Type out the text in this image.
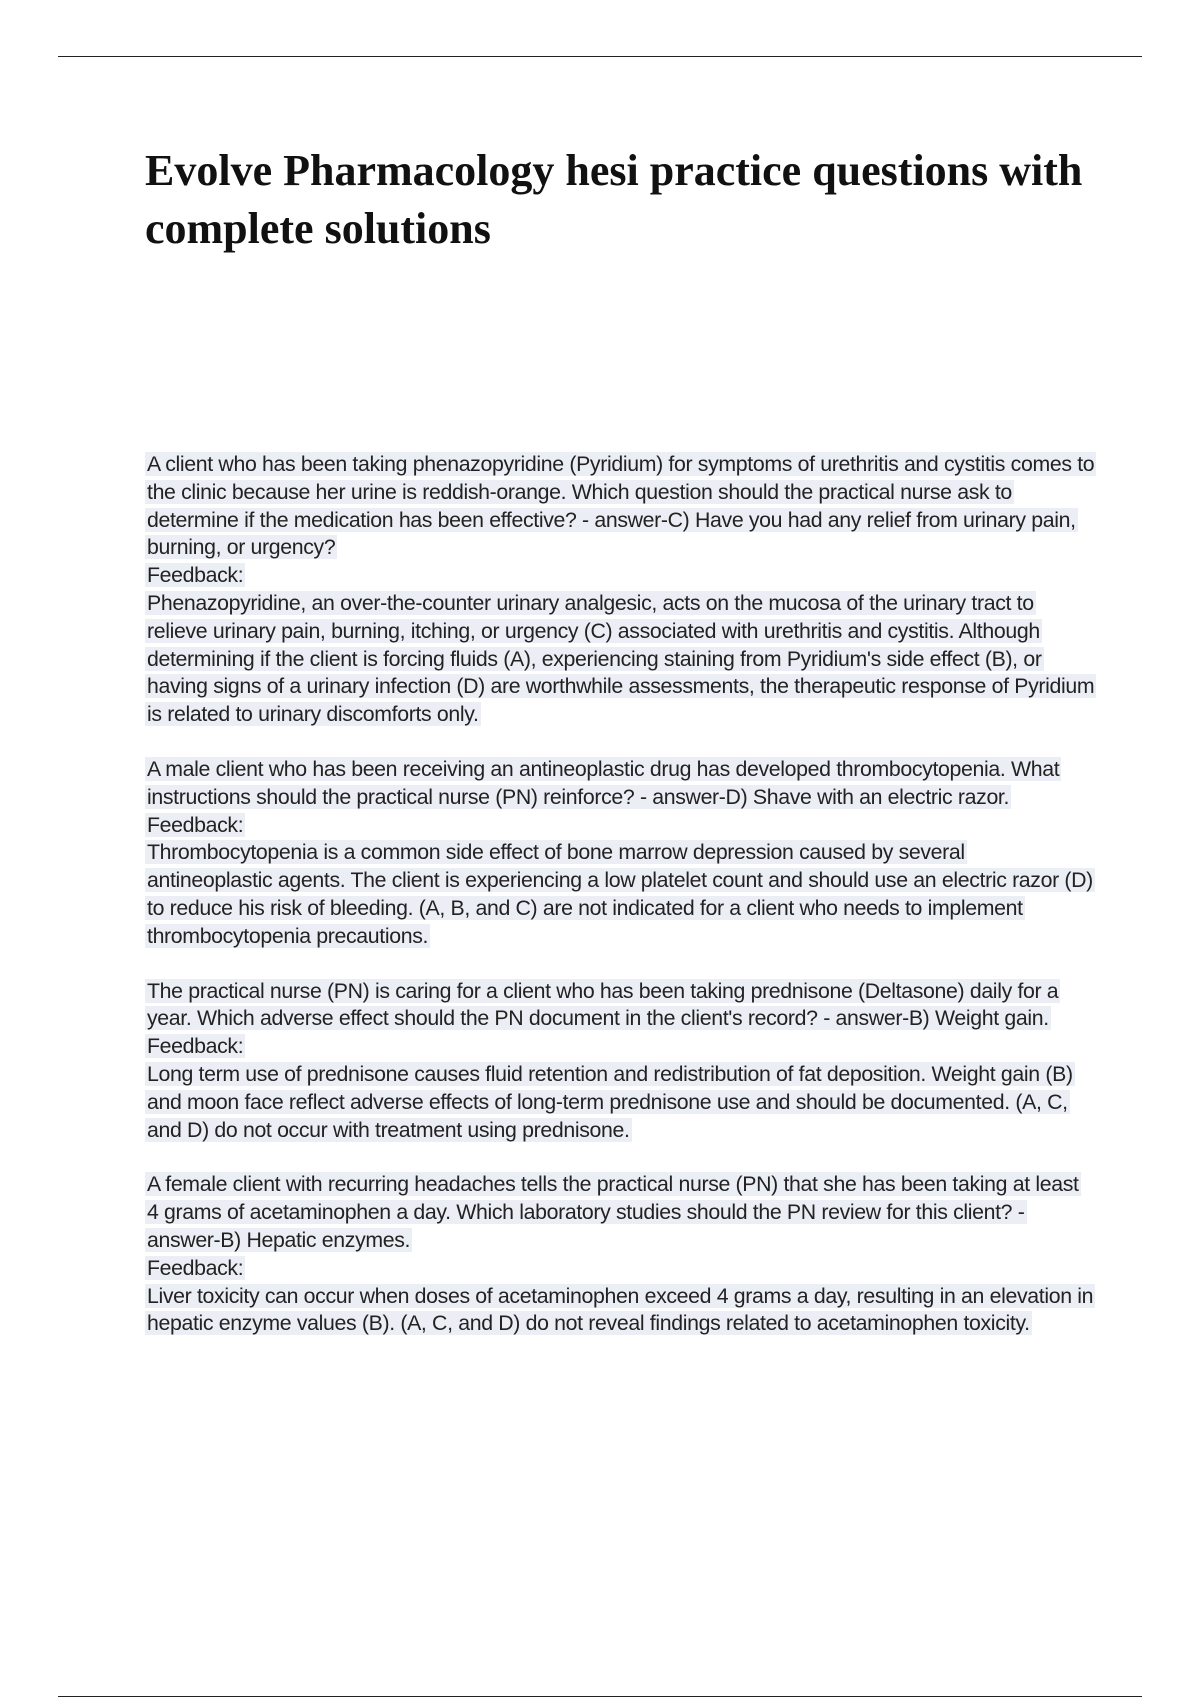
Evolve Pharmacology hesi practice questions with complete solutions

A client who has been taking phenazopyridine (Pyridium) for symptoms of urethritis and cystitis comes to the clinic because her urine is reddish-orange. Which question should the practical nurse ask to determine if the medication has been effective? - answer-C) Have you had any relief from urinary pain, burning, or urgency?

Feedback:

Phenazopyridine, an over-the-counter urinary analgesic, acts on the mucosa of the urinary tract to relieve urinary pain, burning, itching, or urgency (C) associated with urethritis and cystitis. Although determining if the client is forcing fluids (A), experiencing staining from Pyridium's side effect (B), or having signs of a urinary infection (D) are worthwhile assessments, the therapeutic response of Pyridium is related to urinary discomforts only.

A male client who has been receiving an antineoplastic drug has developed thrombocytopenia. What instructions should the practical nurse (PN) reinforce? - answer-D) Shave with an electric razor.

Feedback:

Thrombocytopenia is a common side effect of bone marrow depression caused by several antineoplastic agents. The client is experiencing a low platelet count and should use an electric razor (D) to reduce his risk of bleeding. (A, B, and C) are not indicated for a client who needs to implement thrombocytopenia precautions.

The practical nurse (PN) is caring for a client who has been taking prednisone (Deltasone) daily for a year. Which adverse effect should the PN document in the client's record? - answer-B) Weight gain.

Feedback:

Long term use of prednisone causes fluid retention and redistribution of fat deposition. Weight gain (B) and moon face reflect adverse effects of long-term prednisone use and should be documented. (A, C, and D) do not occur with treatment using prednisone.

A female client with recurring headaches tells the practical nurse (PN) that she has been taking at least 4 grams of acetaminophen a day. Which laboratory studies should the PN review for this client? - answer-B) Hepatic enzymes.

Feedback:

Liver toxicity can occur when doses of acetaminophen exceed 4 grams a day, resulting in an elevation in hepatic enzyme values (B). (A, C, and D) do not reveal findings related to acetaminophen toxicity.
